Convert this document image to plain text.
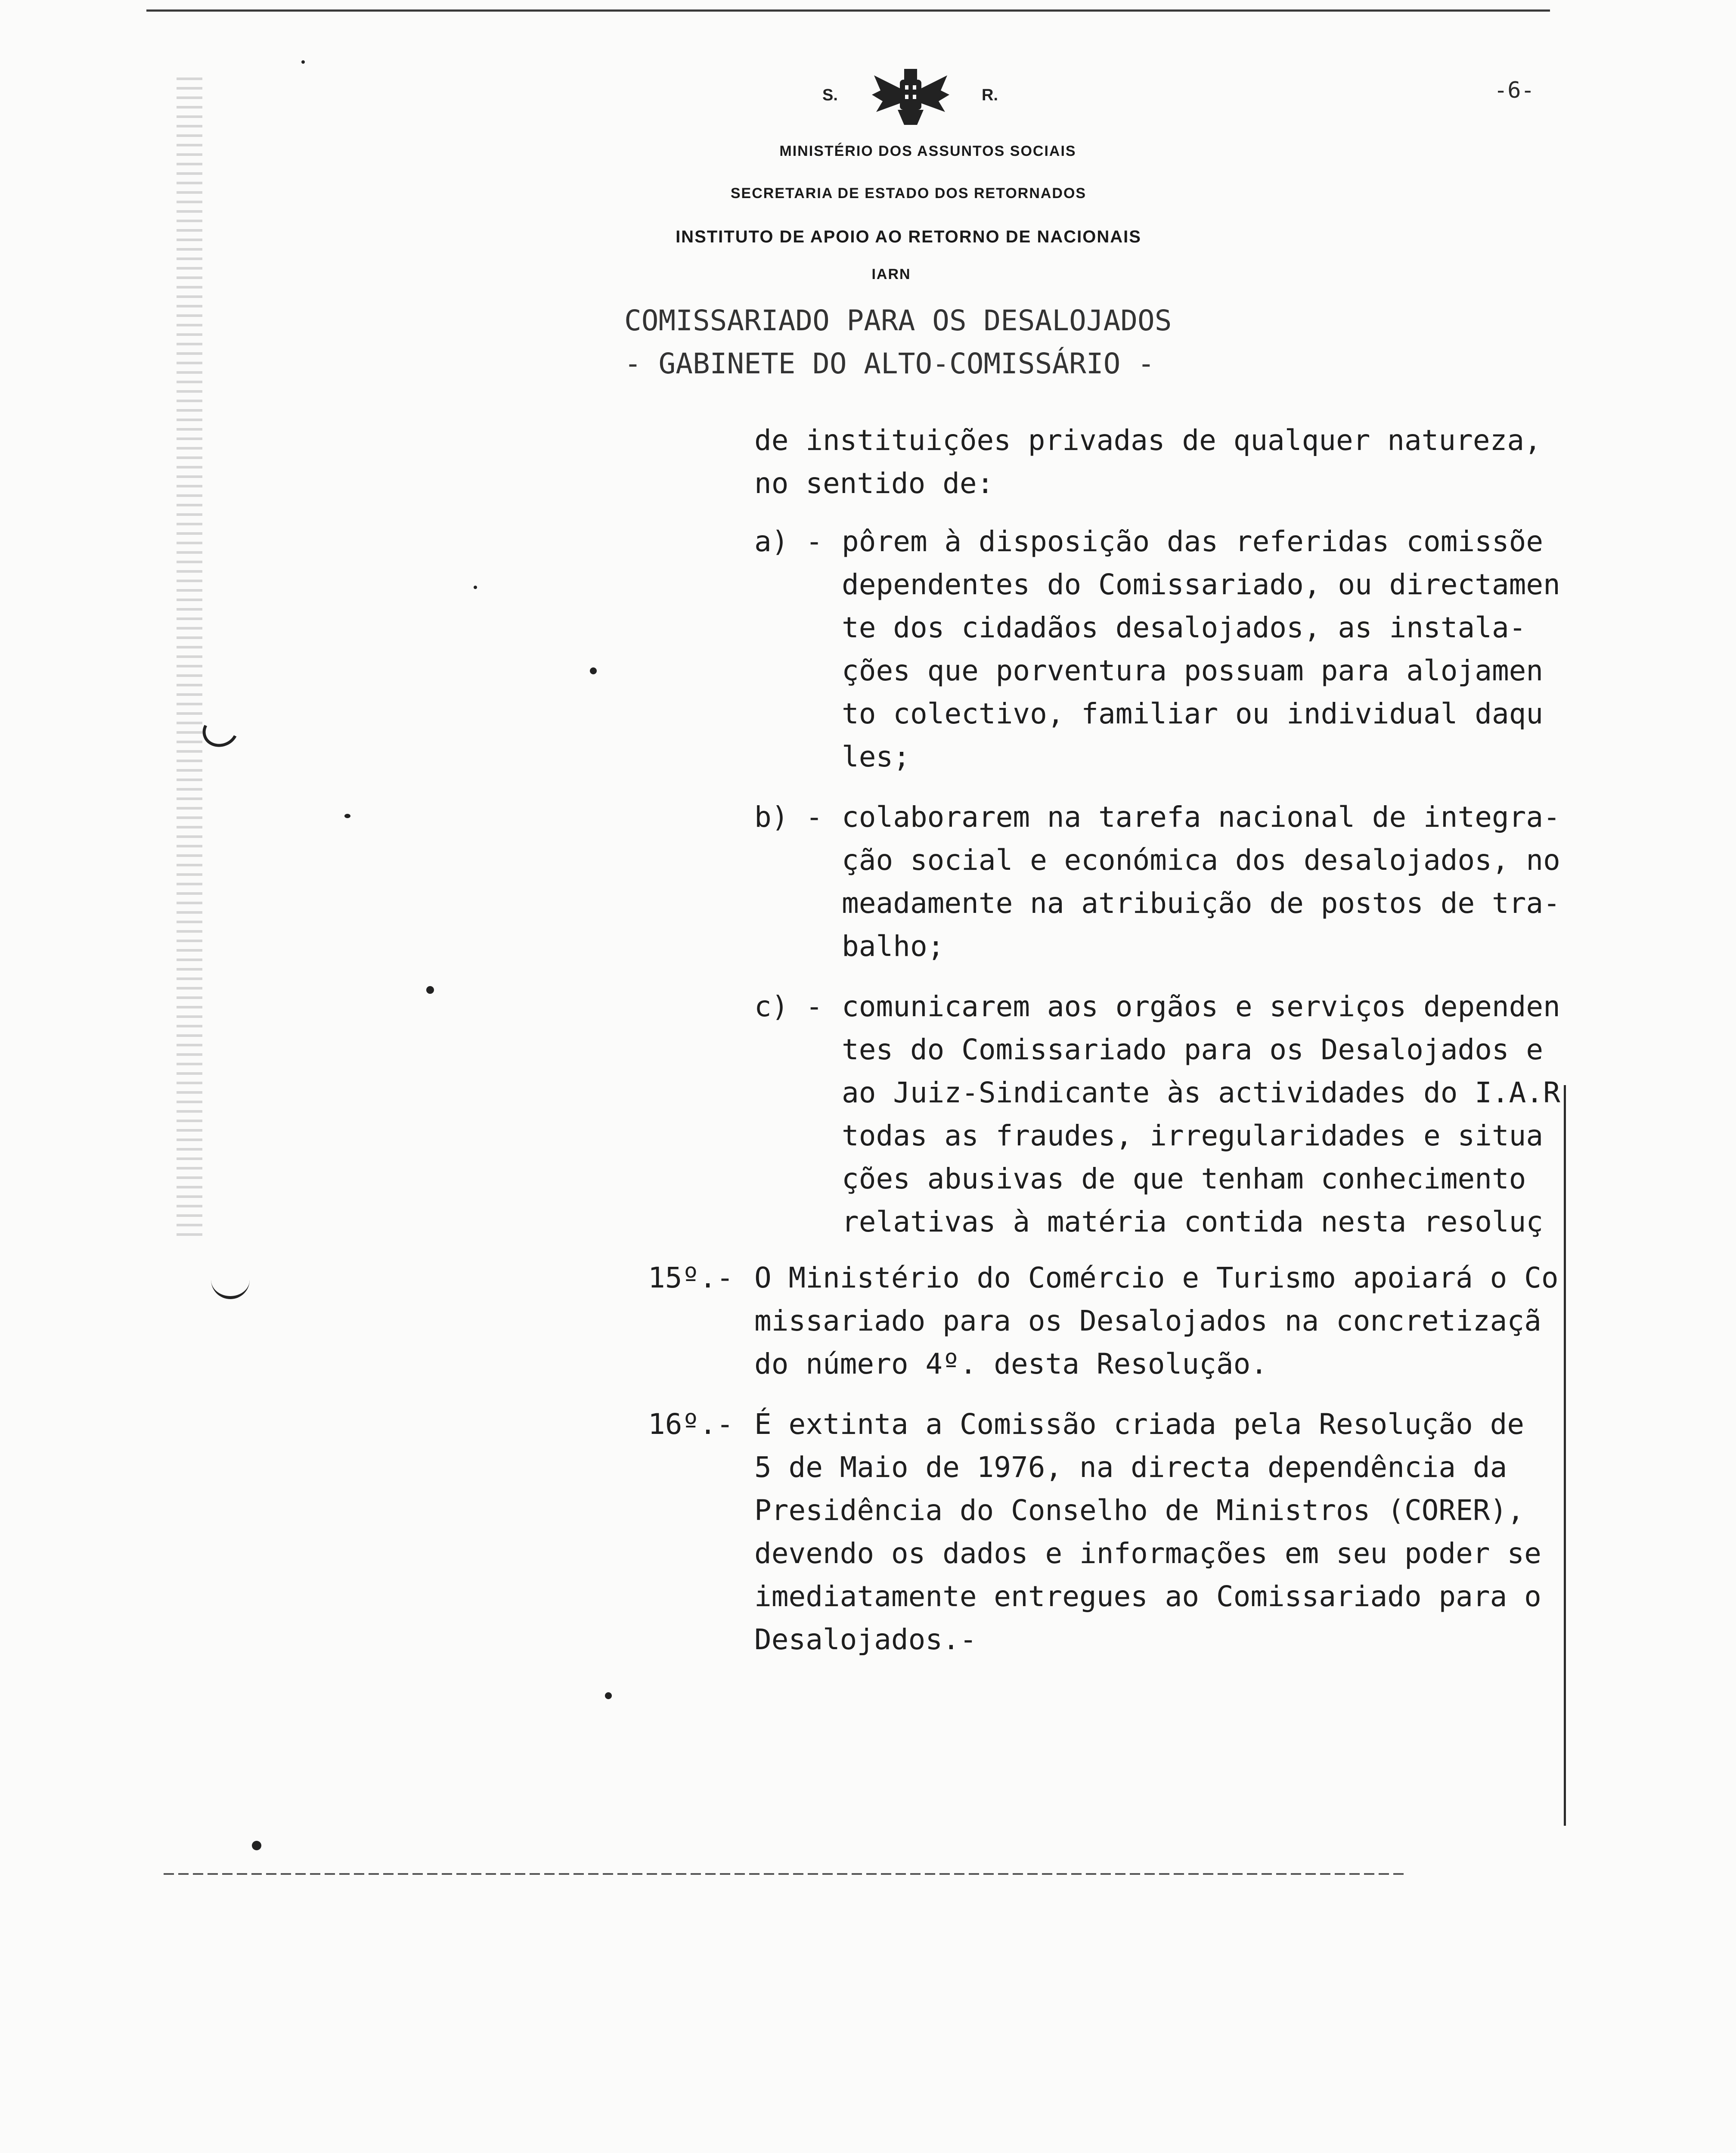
S.	R.	-6-
MINISTÉRIO DOS ASSUNTOS SOCIAIS
SECRETARIA DE ESTADO DOS RETORNADOS
INSTITUTO DE APOIO AO RETORNO DE NACIONAIS
IARN
COMISSARIADO PARA OS DESALOJADOS
- GABINETE DO ALTO-COMISSÁRIO -
de instituições privadas de qualquer natureza,
no sentido de:
a) - pôrem à disposição das referidas comissõe
dependentes do Comissariado, ou directamen
te dos cidadãos desalojados, as instala-
ções que porventura possuam para alojamen
to colectivo, familiar ou individual daqu
les;
b) - colaborarem na tarefa nacional de integra-
ção social e económica dos desalojados, no
meadamente na atribuição de postos de tra-
balho;
c) - comunicarem aos orgãos e serviços dependen
tes do Comissariado para os Desalojados e
ao Juiz-Sindicante às actividades do I.A.R
todas as fraudes, irregularidades e situa
ções abusivas de que tenham conhecimento
relativas à matéria contida nesta resoluç
15º.- O Ministério do Comércio e Turismo apoiará o Co
missariado para os Desalojados na concretizaçã
do número 4º. desta Resolução.
16º.- É extinta a Comissão criada pela Resolução de
5 de Maio de 1976, na directa dependência da
Presidência do Conselho de Ministros (CORER),
devendo os dados e informações em seu poder se
imediatamente entregues ao Comissariado para o
Desalojados.-
